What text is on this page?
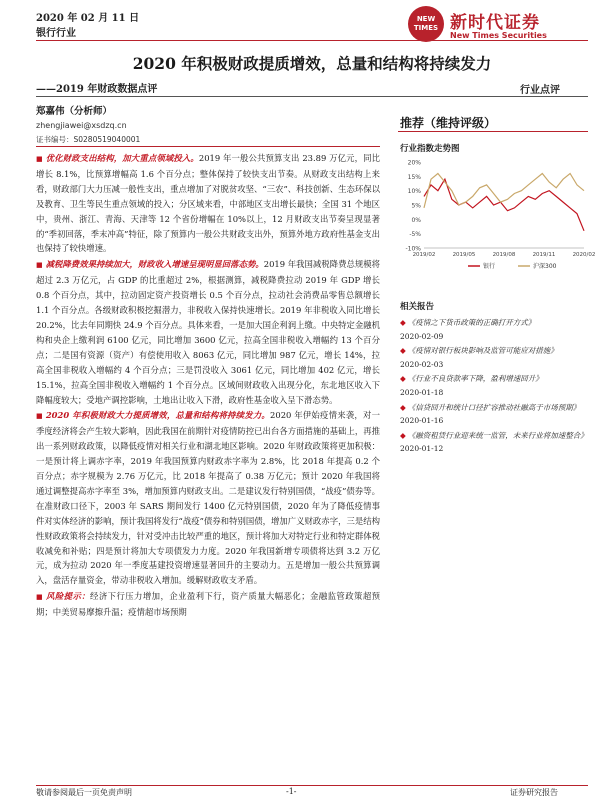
2020 年 02 月 11 日
银行行业
NEW TIMES 新时代证券
New Times Securities
2020 年积极财政提质增效，总量和结构将持续发力
——2019 年财政数据点评	行业点评
郑嘉伟（分析师）
zhengjiawei@xsdzq.cn
证书编号：S0280519040001

■ 优化财政支出结构，加大重点领域投入。2019 年一般公共预算支出 23.89 万亿元，同比增长 8.1%，比预算增幅高 1.6 个百分点；整体保持了较快支出节奏。从财政支出结构上来看，财政部门大力压减一般性支出，重点增加了对脱贫攻坚、“三农”、科技创新、生态环保以及教育、卫生等民生重点领域的投入；分区域来看，中部地区支出增长最快；全国 31 个地区中，贵州、浙江、青海、天津等 12 个省份增幅在 10%以上，12 月财政支出节奏呈现显著的“季初回落，季末冲高”特征，除了预算内一般公共财政支出外，预算外地方政府性基金支出也保持了较快增速。

■ 减税降费效果持续加大，财政收入增速呈现明显回落态势。2019 年我国减税降费总规模将超过 2.3 万亿元，占 GDP 的比重超过 2%，根据测算，减税降费拉动 2019 年 GDP 增长 0.8 个百分点，其中，拉动固定资产投资增长 0.5 个百分点，拉动社会消费品零售总额增长 1.1 个百分点。各级财政积极挖掘潜力，非税收入保持快速增长。2019 年非税收入同比增长 20.2%，比去年同期快 24.9 个百分点。具体来看，一是加大国企利润上缴。中央特定金融机构和央企上缴利润 6100 亿元，同比增加 3600 亿元，拉高全国非税收入增幅约 13 个百分点；二是国有资源（资产）有偿使用收入 8063 亿元，同比增加 987 亿元，增长 14%，拉高全国非税收入增幅约 4 个百分点；三是罚没收入 3061 亿元，同比增加 402 亿元，增长 15.1%，拉高全国非税收入增幅约 1 个百分点。区域间财政收入出现分化，东北地区收入下降幅度较大；受地产调控影响，土地出让收入下滑，政府性基金收入呈下滑态势。

■ 2020 年积极财政大力提质增效，总量和结构将持续发力。2020 年伊始疫情来袭，对一季度经济将会产生较大影响，因此我国在前期针对疫情防控已出台各方面措施的基础上，再推出一系列财政政策，以降低疫情对相关行业和湖北地区影响。2020 年财政政策将更加积极：一是预计将上调赤字率，2019 年我国预算内财政赤字率为 2.8%，比 2018 年提高 0.2 个百分点；赤字规模为 2.76 万亿元，比 2018 年提高了 0.38 万亿元；预计 2020 年我国将通过调整提高赤字率至 3%，增加预算内财政支出。二是建议发行特别国债，“战疫”债券等。在准财政口径下，2003 年 SARS 期间发行 1400 亿元特别国债，2020 年为了降低疫情事件对实体经济的影响，预计我国将发行“战疫”债券和特别国债，增加广义财政赤字，三是结构性财政政策将会持续发力，针对受冲击比较严重的地区，预计将加大对特定行业和特定群体税收减免和补贴；四是预计将加大专项债发力力度。2020 年我国新增专项债将达到 3.2 万亿元，成为拉动 2020 年一季度基建投资增速显著回升的主要动力。五是增加一般公共预算调入，盘活存量资金，带动非税收入增加。缓解财政收支矛盾。

■ 风险提示：经济下行压力增加，企业盈利下行，资产质量大幅恶化；金融监管政策超预期；中美贸易摩擦升温；疫情超市场预期

推荐（维持评级）
行业指数走势图
20%
15%
10%
5%
0%
-5%
-10%
2019/02	2019/05	2019/08	2019/11	2020/02
银行	沪深300
相关报告
◆ 《疫情之下货币政策的正确打开方式》
2020-02-09
◆ 《疫情对银行板块影响及监管可能应对措施》
2020-02-03
◆ 《行业不良贷款率下降，盈利增速回升》
2020-01-18
◆ 《信贷回升和统计口径扩容推动社融高于市场预期》
2020-01-16
◆ 《融资租赁行业迎来统一监管，未来行业将加速整合》
2020-01-12
敬请参阅最后一页免责声明	-1-	证券研究报告
